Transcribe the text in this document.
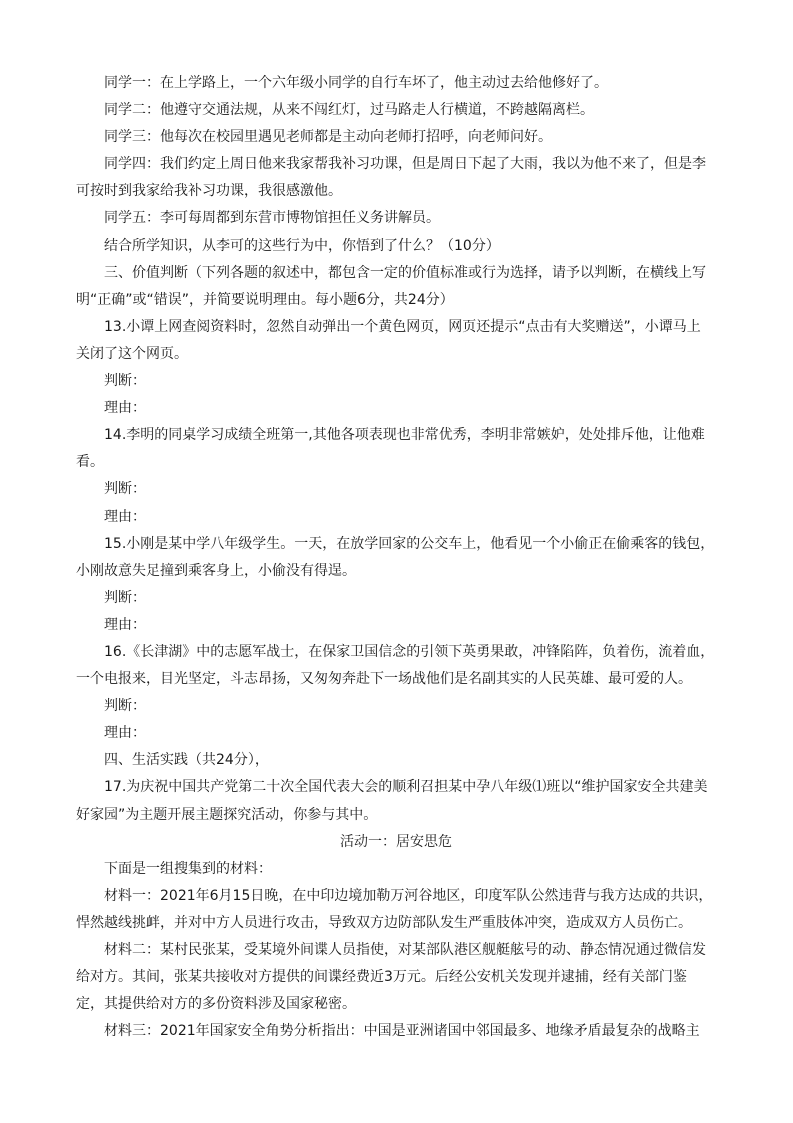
同学一：在上学路上，一个六年级小同学的自行车坏了，他主动过去给他修好了。
同学二：他遵守交通法规，从来不闯红灯，过马路走人行横道，不跨越隔离栏。
同学三：他每次在校园里遇见老师都是主动向老师打招呼，向老师问好。
同学四：我们约定上周日他来我家帮我补习功课，但是周日下起了大雨，我以为他不来了，但是李
可按时到我家给我补习功课，我很感激他。
同学五：李可每周都到东营市博物馆担任义务讲解员。
结合所学知识，从李可的这些行为中，你悟到了什么？（10分）
三、价值判断（下列各题的叙述中，都包含一定的价值标准或行为选择，请予以判断，在横线上写
明“正确”或“错误”，并简要说明理由。每小题6分，共24分）
13.小谭上网查阅资料时，忽然自动弹出一个黄色网页，网页还提示“点击有大奖赠送”，小谭马上
关闭了这个网页。
判断：
理由：
14.李明的同桌学习成绩全班第一,其他各项表现也非常优秀，李明非常嫉妒，处处排斥他，让他难
看。
判断：
理由：
15.小刚是某中学八年级学生。一天，在放学回家的公交车上，他看见一个小偷正在偷乘客的钱包，
小刚故意失足撞到乘客身上，小偷没有得逞。
判断：
理由：
16.《长津湖》中的志愿军战士，在保家卫国信念的引领下英勇果敢，冲锋陷阵，负着伤，流着血，
一个电报来，目光坚定，斗志昂扬，又匆匆奔赴下一场战他们是名副其实的人民英雄、最可爱的人。
判断：
理由：
四、生活实践（共24分），
17.为庆祝中国共产党第二十次全国代表大会的顺利召担某中孕八年级⑴班以“维护国家安全共建美
好家园”为主题开展主题探究活动，你参与其中。
活动一：居安思危
下面是一组搜集到的材料：
材料一：2021年6月15日晚，在中印边境加勒万河谷地区，印度军队公然违背与我方达成的共识，
悍然越线挑衅，并对中方人员进行攻击，导致双方边防部队发生严重肢体冲突，造成双方人员伤亡。
材料二：某村民张某，受某境外间谍人员指使，对某部队港区舰艇舷号的动、静态情况通过微信发
给对方。其间，张某共接收对方提供的间谍经费近3万元。后经公安机关发现并逮捕，经有关部门鉴
定，其提供给对方的多份资料涉及国家秘密。
材料三：2021年国家安全角势分析指出：中国是亚洲诸国中邻国最多、地缘矛盾最复杂的战略主
